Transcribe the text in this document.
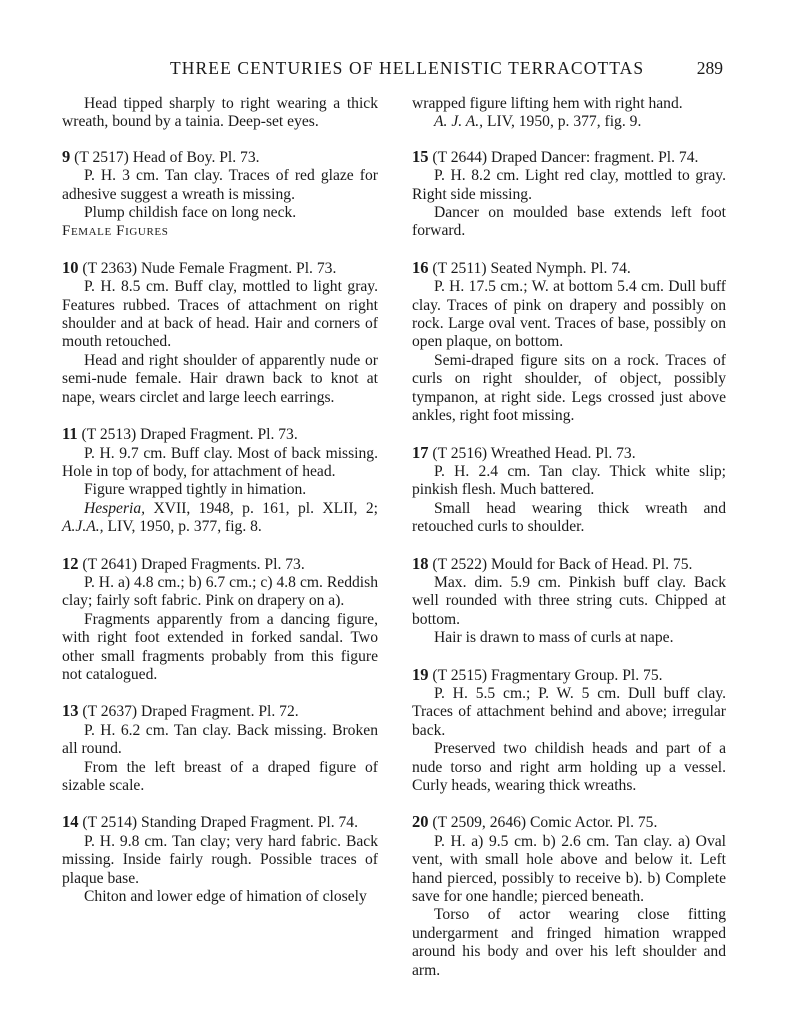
THREE CENTURIES OF HELLENISTIC TERRACOTTAS	289

Head tipped sharply to right wearing a thick wreath, bound by a tainia. Deep-set eyes.

9 (T 2517) Head of Boy. Pl. 73.

P. H. 3 cm. Tan clay. Traces of red glaze for adhesive suggest a wreath is missing.

Plump childish face on long neck.

Female Figures

10 (T 2363) Nude Female Fragment. Pl. 73.

P. H. 8.5 cm. Buff clay, mottled to light gray. Features rubbed. Traces of attachment on right shoulder and at back of head. Hair and corners of mouth retouched.

Head and right shoulder of apparently nude or semi-nude female. Hair drawn back to knot at nape, wears circlet and large leech earrings.

11 (T 2513) Draped Fragment. Pl. 73.

P. H. 9.7 cm. Buff clay. Most of back missing. Hole in top of body, for attachment of head.

Figure wrapped tightly in himation.

Hesperia, XVII, 1948, p. 161, pl. XLII, 2; A.J.A., LIV, 1950, p. 377, fig. 8.

12 (T 2641) Draped Fragments. Pl. 73.

P. H. a) 4.8 cm.; b) 6.7 cm.; c) 4.8 cm. Reddish clay; fairly soft fabric. Pink on drapery on a).

Fragments apparently from a dancing figure, with right foot extended in forked sandal. Two other small fragments probably from this figure not catalogued.

13 (T 2637) Draped Fragment. Pl. 72.

P. H. 6.2 cm. Tan clay. Back missing. Broken all round.

From the left breast of a draped figure of sizable scale.

14 (T 2514) Standing Draped Fragment. Pl. 74.

P. H. 9.8 cm. Tan clay; very hard fabric. Back missing. Inside fairly rough. Possible traces of plaque base.

Chiton and lower edge of himation of closely

wrapped figure lifting hem with right hand.

A. J. A., LIV, 1950, p. 377, fig. 9.

15 (T 2644) Draped Dancer: fragment. Pl. 74.

P. H. 8.2 cm. Light red clay, mottled to gray. Right side missing.

Dancer on moulded base extends left foot forward.

16 (T 2511) Seated Nymph. Pl. 74.

P. H. 17.5 cm.; W. at bottom 5.4 cm. Dull buff clay. Traces of pink on drapery and possibly on rock. Large oval vent. Traces of base, possibly on open plaque, on bottom.

Semi-draped figure sits on a rock. Traces of curls on right shoulder, of object, possibly tympanon, at right side. Legs crossed just above ankles, right foot missing.

17 (T 2516) Wreathed Head. Pl. 73.

P. H. 2.4 cm. Tan clay. Thick white slip; pinkish flesh. Much battered.

Small head wearing thick wreath and retouched curls to shoulder.

18 (T 2522) Mould for Back of Head. Pl. 75.

Max. dim. 5.9 cm. Pinkish buff clay. Back well rounded with three string cuts. Chipped at bottom.

Hair is drawn to mass of curls at nape.

19 (T 2515) Fragmentary Group. Pl. 75.

P. H. 5.5 cm.; P. W. 5 cm. Dull buff clay. Traces of attachment behind and above; irregular back.

Preserved two childish heads and part of a nude torso and right arm holding up a vessel. Curly heads, wearing thick wreaths.

20 (T 2509, 2646) Comic Actor. Pl. 75.

P. H. a) 9.5 cm. b) 2.6 cm. Tan clay. a) Oval vent, with small hole above and below it. Left hand pierced, possibly to receive b). b) Complete save for one handle; pierced beneath.

Torso of actor wearing close fitting undergarment and fringed himation wrapped around his body and over his left shoulder and arm.
